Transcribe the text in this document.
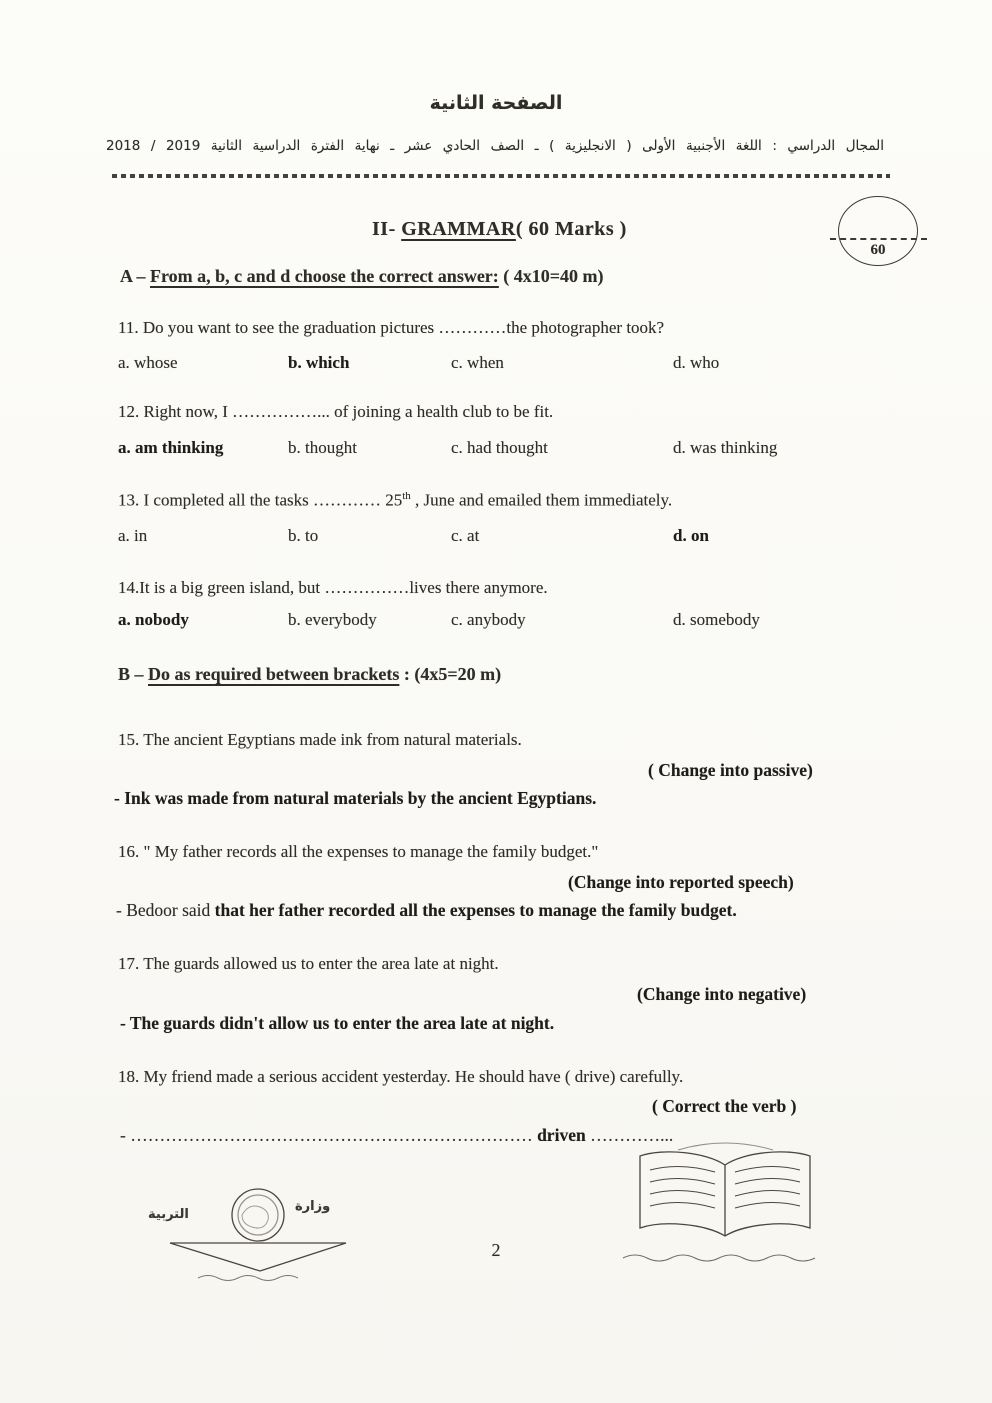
الصفحة الثانية
المجال الدراسي : اللغة الأجنبية الأولى ( الانجليزية ) ـ الصف الحادي عشر ـ نهاية الفترة الدراسية الثانية 2019 / 2018
II- GRAMMAR( 60 Marks )
60
A – From a, b, c and d choose the correct answer: ( 4x10=40 m)
11. Do you want to see the graduation pictures …………the photographer took?
a. whose	b. which	c. when	d. who
12. Right now, I ……………... of joining a health club to be fit.
a. am thinking	b. thought	c. had thought	d. was thinking
13. I completed all the tasks ………… 25th , June and emailed them immediately.
a. in	b. to	c. at	d. on
14.It is a big green island, but ……………lives there anymore.
a. nobody	b. everybody	c. anybody	d. somebody
B – Do as required between brackets : (4x5=20 m)
15. The ancient Egyptians made ink from natural materials.
( Change into passive)
- Ink was made from natural materials by the ancient Egyptians.
16. " My father records all the expenses to manage the family budget."
(Change into reported speech)
- Bedoor said that her father recorded all the expenses to manage the family budget.
17. The guards allowed us to enter the area late at night.
(Change into negative)
- The guards didn't allow us to enter the area late at night.
18. My friend made a serious accident yesterday. He should have ( drive) carefully.
( Correct the verb )
- …………………………………………………………… driven …………...
التربية
وزارة
2
